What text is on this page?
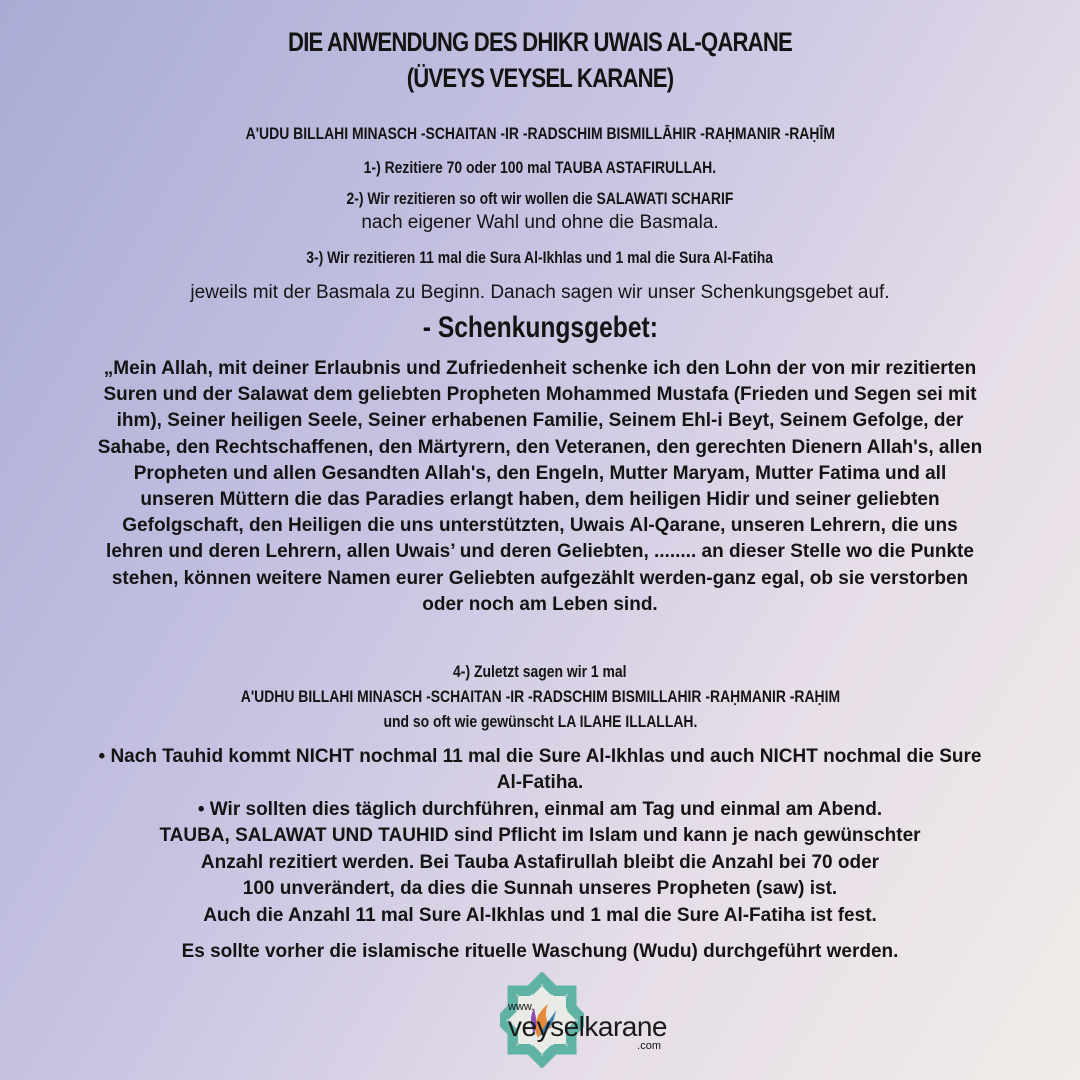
DIE ANWENDUNG DES DHIKR UWAIS AL-QARANE
(ÜVEYS VEYSEL KARANE)
A'UDU BILLAHI MINASCH -SCHAITAN -IR -RADSCHIM BISMILLĀHIR -RAḤMANIR -RAḤĪM
1-) Rezitiere 70 oder 100 mal TAUBA ASTAFIRULLAH.
2-) Wir rezitieren so oft wir wollen die SALAWATI SCHARIF
nach eigener Wahl und ohne die Basmala.
3-) Wir rezitieren 11 mal die Sura Al-Ikhlas und 1 mal die Sura Al-Fatiha
jeweils mit der Basmala zu Beginn. Danach sagen wir unser Schenkungsgebet auf.
- Schenkungsgebet:
„Mein Allah, mit deiner Erlaubnis und Zufriedenheit schenke ich den Lohn der von mir rezitierten Suren und der Salawat dem geliebten Propheten Mohammed Mustafa (Frieden und Segen sei mit ihm), Seiner heiligen Seele, Seiner erhabenen Familie, Seinem Ehl-i Beyt, Seinem Gefolge, der Sahabe, den Rechtschaffenen, den Märtyrern, den Veteranen, den gerechten Dienern Allah's, allen Propheten und allen Gesandten Allah's, den Engeln, Mutter Maryam, Mutter Fatima und all unseren Müttern die das Paradies erlangt haben, dem heiligen Hidir und seiner geliebten Gefolgschaft, den Heiligen die uns unterstützten, Uwais Al-Qarane, unseren Lehrern, die uns lehren und deren Lehrern, allen Uwais’ und deren Geliebten, ........ an dieser Stelle wo die Punkte stehen, können weitere Namen eurer Geliebten aufgezählt werden-ganz egal, ob sie verstorben oder noch am Leben sind.
4-) Zuletzt sagen wir 1 mal
A'UDHU BILLAHI MINASCH -SCHAITAN -IR -RADSCHIM BISMILLAHIR -RAḤMANIR -RAḤIM
und so oft wie gewünscht LA ILAHE ILLALLAH.
• Nach Tauhid kommt NICHT nochmal 11 mal die Sure Al-Ikhlas und auch NICHT nochmal die Sure Al-Fatiha.
• Wir sollten dies täglich durchführen, einmal am Tag und einmal am Abend.
TAUBA, SALAWAT UND TAUHID sind Pflicht im Islam und kann je nach gewünschter
Anzahl rezitiert werden. Bei Tauba Astafirullah bleibt die Anzahl bei 70 oder
100 unverändert, da dies die Sunnah unseres Propheten (saw) ist.
Auch die Anzahl 11 mal Sure Al-Ikhlas und 1 mal die Sure Al-Fatiha ist fest.
Es sollte vorher die islamische rituelle Waschung (Wudu) durchgeführt werden.
www.
veyselkarane
.com
